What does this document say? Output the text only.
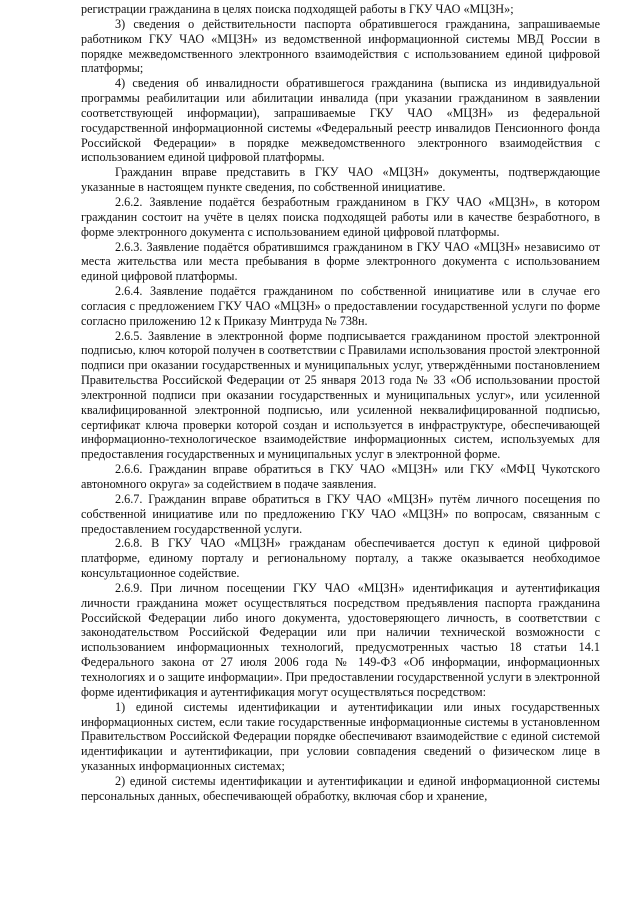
регистрации гражданина в целях поиска подходящей работы в ГКУ ЧАО «МЦЗН»;

3) сведения о действительности паспорта обратившегося гражданина, запрашиваемые работником ГКУ ЧАО «МЦЗН» из ведомственной информационной системы МВД России в порядке межведомственного электронного взаимодействия с использованием единой цифровой платформы;

4) сведения об инвалидности обратившегося гражданина (выписка из индивидуальной программы реабилитации или абилитации инвалида (при указании гражданином в заявлении соответствующей информации), запрашиваемые ГКУ ЧАО «МЦЗН» из федеральной государственной информационной системы «Федеральный реестр инвалидов Пенсионного фонда Российской Федерации» в порядке межведомственного электронного взаимодействия с использованием единой цифровой платформы.

Гражданин вправе представить в ГКУ ЧАО «МЦЗН» документы, подтверждающие указанные в настоящем пункте сведения, по собственной инициативе.

2.6.2. Заявление подаётся безработным гражданином в ГКУ ЧАО «МЦЗН», в котором гражданин состоит на учёте в целях поиска подходящей работы или в качестве безработного, в форме электронного документа с использованием единой цифровой платформы.

2.6.3. Заявление подаётся обратившимся гражданином в ГКУ ЧАО «МЦЗН» независимо от места жительства или места пребывания в форме электронного документа с использованием единой цифровой платформы.

2.6.4. Заявление подаётся гражданином по собственной инициативе или в случае его согласия с предложением ГКУ ЧАО «МЦЗН» о предоставлении государственной услуги по форме согласно приложению 12 к Приказу Минтруда № 738н.

2.6.5. Заявление в электронной форме подписывается гражданином простой электронной подписью, ключ которой получен в соответствии с Правилами использования простой электронной подписи при оказании государственных и муниципальных услуг, утверждёнными постановлением Правительства Российской Федерации от 25 января 2013 года № 33 «Об использовании простой электронной подписи при оказании государственных и муниципальных услуг», или усиленной квалифицированной электронной подписью, или усиленной неквалифицированной подписью, сертификат ключа проверки которой создан и используется в инфраструктуре, обеспечивающей информационно-технологическое взаимодействие информационных систем, используемых для предоставления государственных и муниципальных услуг в электронной форме.

2.6.6. Гражданин вправе обратиться в ГКУ ЧАО «МЦЗН» или ГКУ «МФЦ Чукотского автономного округа» за содействием в подаче заявления.

2.6.7. Гражданин вправе обратиться в ГКУ ЧАО «МЦЗН» путём личного посещения по собственной инициативе или по предложению ГКУ ЧАО «МЦЗН» по вопросам, связанным с предоставлением государственной услуги.

2.6.8. В ГКУ ЧАО «МЦЗН» гражданам обеспечивается доступ к единой цифровой платформе, единому порталу и региональному порталу, а также оказывается необходимое консультационное содействие.

2.6.9. При личном посещении ГКУ ЧАО «МЦЗН» идентификация и аутентификация личности гражданина может осуществляться посредством предъявления паспорта гражданина Российской Федерации либо иного документа, удостоверяющего личность, в соответствии с законодательством Российской Федерации или при наличии технической возможности с использованием информационных технологий, предусмотренных частью 18 статьи 14.1 Федерального закона от 27 июля 2006 года № 149-ФЗ «Об информации, информационных технологиях и о защите информации». При предоставлении государственной услуги в электронной форме идентификация и аутентификация могут осуществляться посредством:

1) единой системы идентификации и аутентификации или иных государственных информационных систем, если такие государственные информационные системы в установленном Правительством Российской Федерации порядке обеспечивают взаимодействие с единой системой идентификации и аутентификации, при условии совпадения сведений о физическом лице в указанных информационных системах;

2) единой системы идентификации и аутентификации и единой информационной системы персональных данных, обеспечивающей обработку, включая сбор и хранение,
